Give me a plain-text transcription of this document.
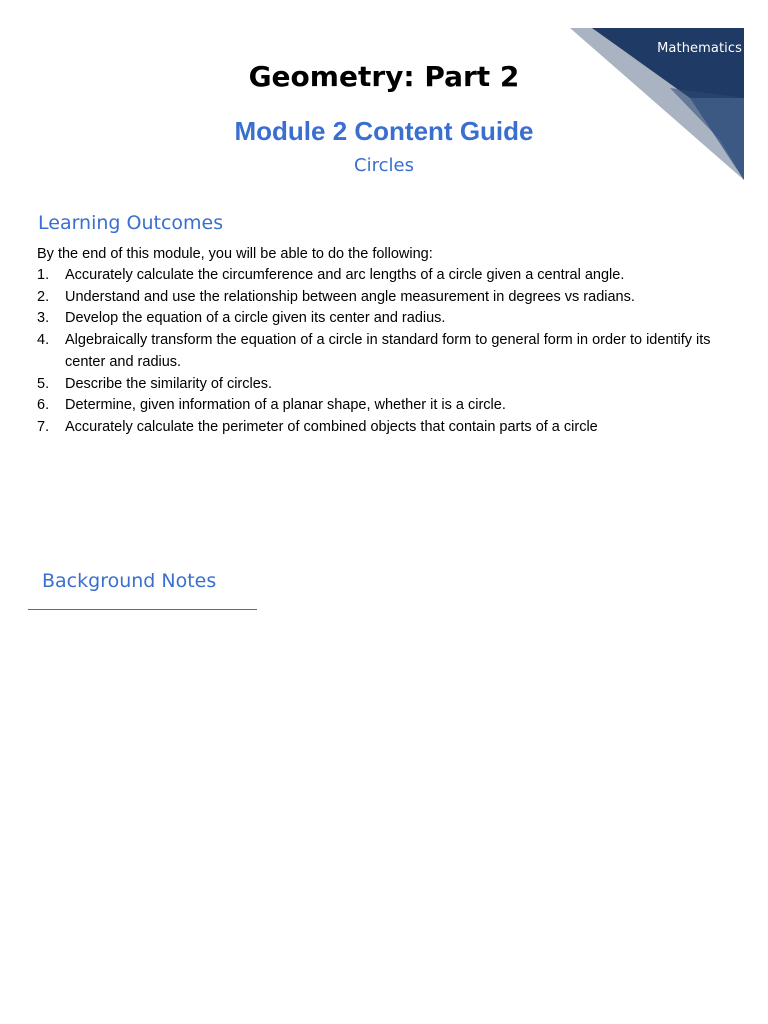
Mathematics
Geometry: Part 2
Module 2 Content Guide
Circles
Learning Outcomes

By the end of this module, you will be able to do the following:

1.	Accurately calculate the circumference and arc lengths of a circle given a central angle.
2.	Understand and use the relationship between angle measurement in degrees vs radians.
3.	Develop the equation of a circle given its center and radius.
4.	Algebraically transform the equation of a circle in standard form to general form in order to identify its center and radius.
5.	Describe the similarity of circles.
6.	Determine, given information of a planar shape, whether it is a circle.
7.	Accurately calculate the perimeter of combined objects that contain parts of a circle
Background Notes
